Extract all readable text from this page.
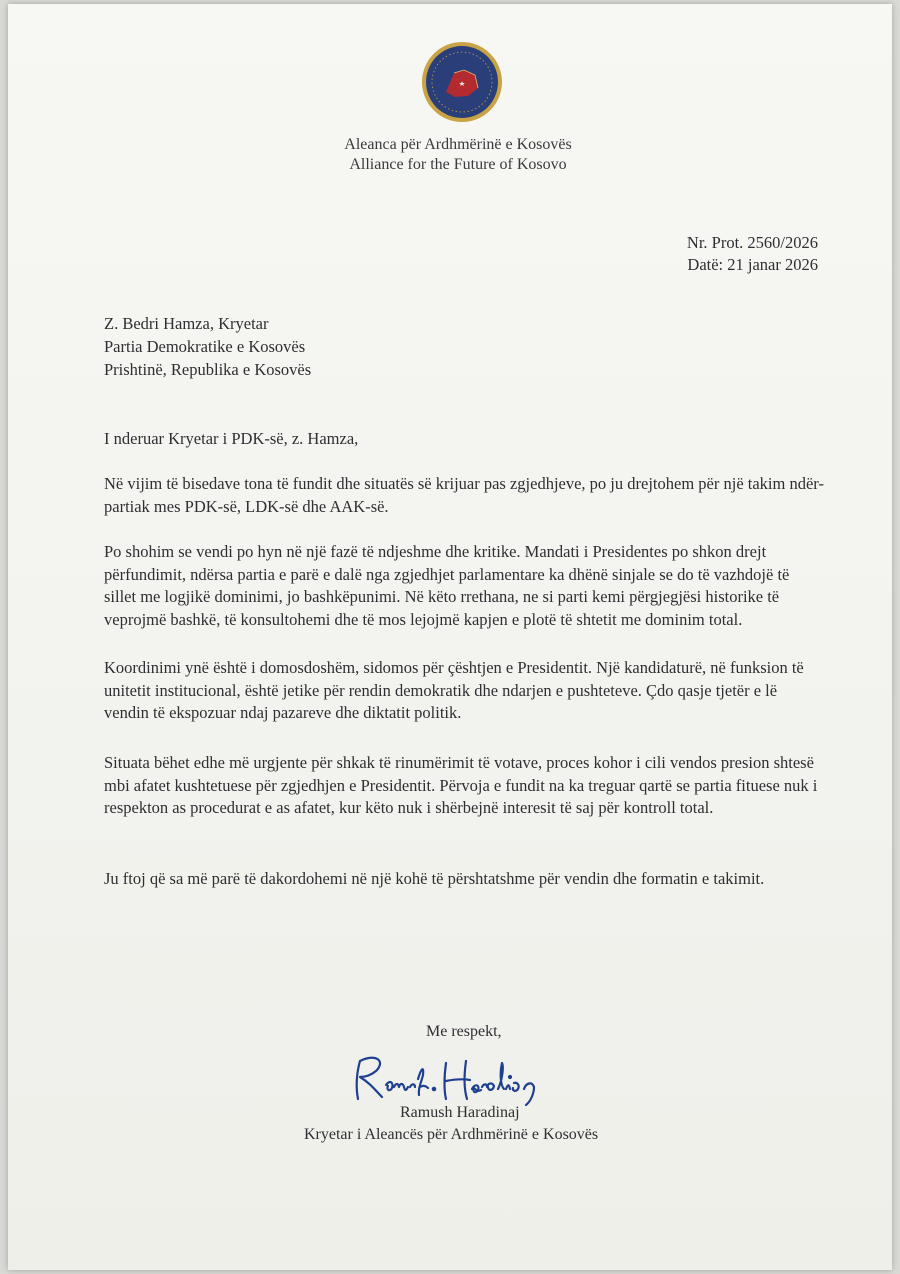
Aleanca për Ardhmërinë e Kosovës
Alliance for the Future of Kosovo
Nr. Prot. 2560/2026
Datë: 21 janar 2026
Z. Bedri Hamza, Kryetar
Partia Demokratike e Kosovës
Prishtinë, Republika e Kosovës
I nderuar Kryetar i PDK-së, z. Hamza,

Në vijim të bisedave tona të fundit dhe situatës së krijuar pas zgjedhjeve, po ju drejtohem për një takim ndër-partiak mes PDK-së, LDK-së dhe AAK-së.

Po shohim se vendi po hyn në një fazë të ndjeshme dhe kritike. Mandati i Presidentes po shkon drejt përfundimit, ndërsa partia e parë e dalë nga zgjedhjet parlamentare ka dhënë sinjale se do të vazhdojë të sillet me logjikë dominimi, jo bashkëpunimi. Në këto rrethana, ne si parti kemi përgjegjësi historike të veprojmë bashkë, të konsultohemi dhe të mos lejojmë kapjen e plotë të shtetit me dominim total.

Koordinimi ynë është i domosdoshëm, sidomos për çështjen e Presidentit. Një kandidaturë, në funksion të unitetit institucional, është jetike për rendin demokratik dhe ndarjen e pushteteve. Çdo qasje tjetër e lë vendin të ekspozuar ndaj pazareve dhe diktatit politik.

Situata bëhet edhe më urgjente për shkak të rinumërimit të votave, proces kohor i cili vendos presion shtesë mbi afatet kushtetuese për zgjedhjen e Presidentit. Përvoja e fundit na ka treguar qartë se partia fituese nuk i respekton as procedurat e as afatet, kur këto nuk i shërbejnë interesit të saj për kontroll total.

Ju ftoj që sa më parë të dakordohemi në një kohë të përshtatshme për vendin dhe formatin e takimit.

Me respekt,
Ramush Haradinaj
Kryetar i Aleancës për Ardhmërinë e Kosovës
